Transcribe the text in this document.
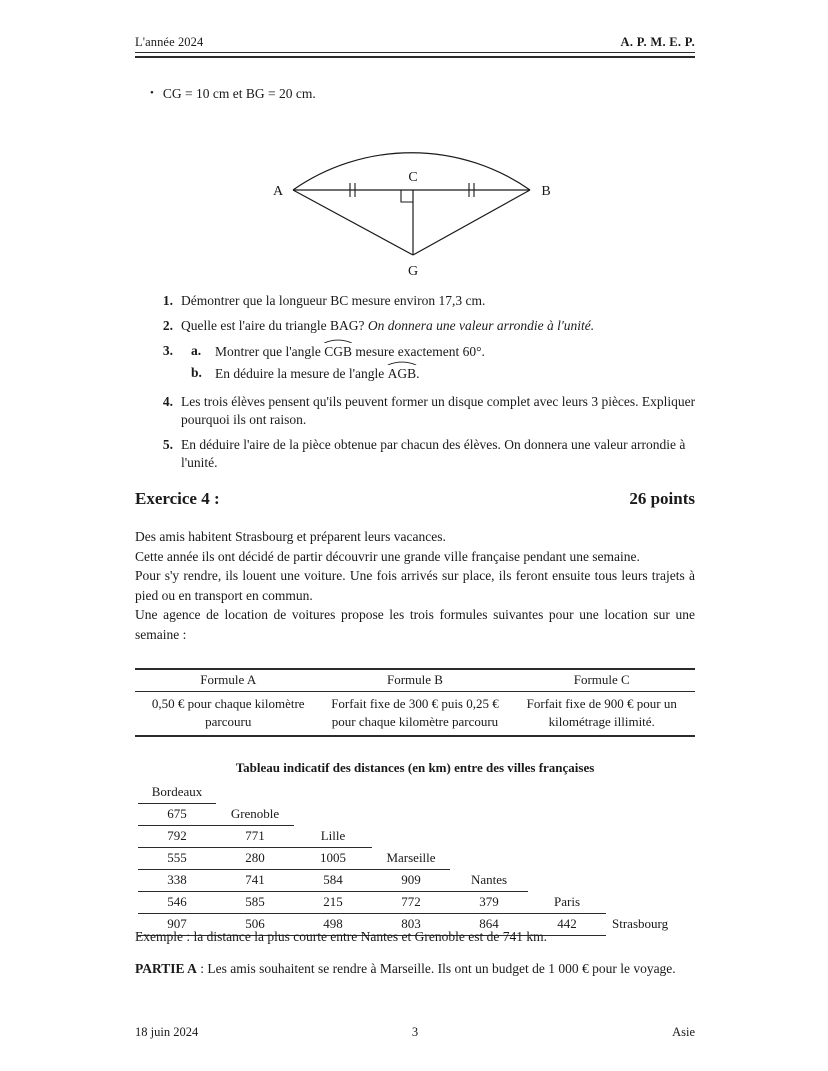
L'année 2024	A. P. M. E. P.
• CG = 10 cm et BG = 20 cm.
A	B
C
G
1. Démontrer que la longueur BC mesure environ 17,3 cm.
2. Quelle est l'aire du triangle BAG? On donnera une valeur arrondie à l'unité.
3.	a.	Montrer que l'angle
CGB mesure exactement 60°.
b. En déduire la mesure de l'angle
AGB.
4. Les trois élèves pensent qu'ils peuvent former un disque complet avec leurs 3 pièces. Expliquer pourquoi ils ont raison.
5. En déduire l'aire de la pièce obtenue par chacun des élèves. On donnera une valeur arrondie à l'unité.
Exercice 4 :	26 points

Des amis habitent Strasbourg et préparent leurs vacances.

Cette année ils ont décidé de partir découvrir une grande ville française pendant une semaine.

Pour s'y rendre, ils louent une voiture. Une fois arrivés sur place, ils feront ensuite tous leurs trajets à pied ou en transport en commun.

Une agence de location de voitures propose les trois formules suivantes pour une location sur une semaine :

Formule A	Formule B	Formule C
0,50 € pour chaque kilomètre parcouru	Forfait fixe de 300 € puis 0,25 € pour chaque kilomètre parcouru	Forfait fixe de 900 € pour un kilométrage illimité.
Tableau indicatif des distances (en km) entre des villes françaises
Bordeaux						
675	Grenoble					
792	771	Lille				
555	280	1005	Marseille			
338	741	584	909	Nantes		
546	585	215	772	379	Paris	
907	506	498	803	864	442	Strasbourg

Exemple : la distance la plus courte entre Nantes et Grenoble est de 741 km.

PARTIE A : Les amis souhaitent se rendre à Marseille. Ils ont un budget de 1 000 € pour le voyage.

18 juin 2024	3	Asie
